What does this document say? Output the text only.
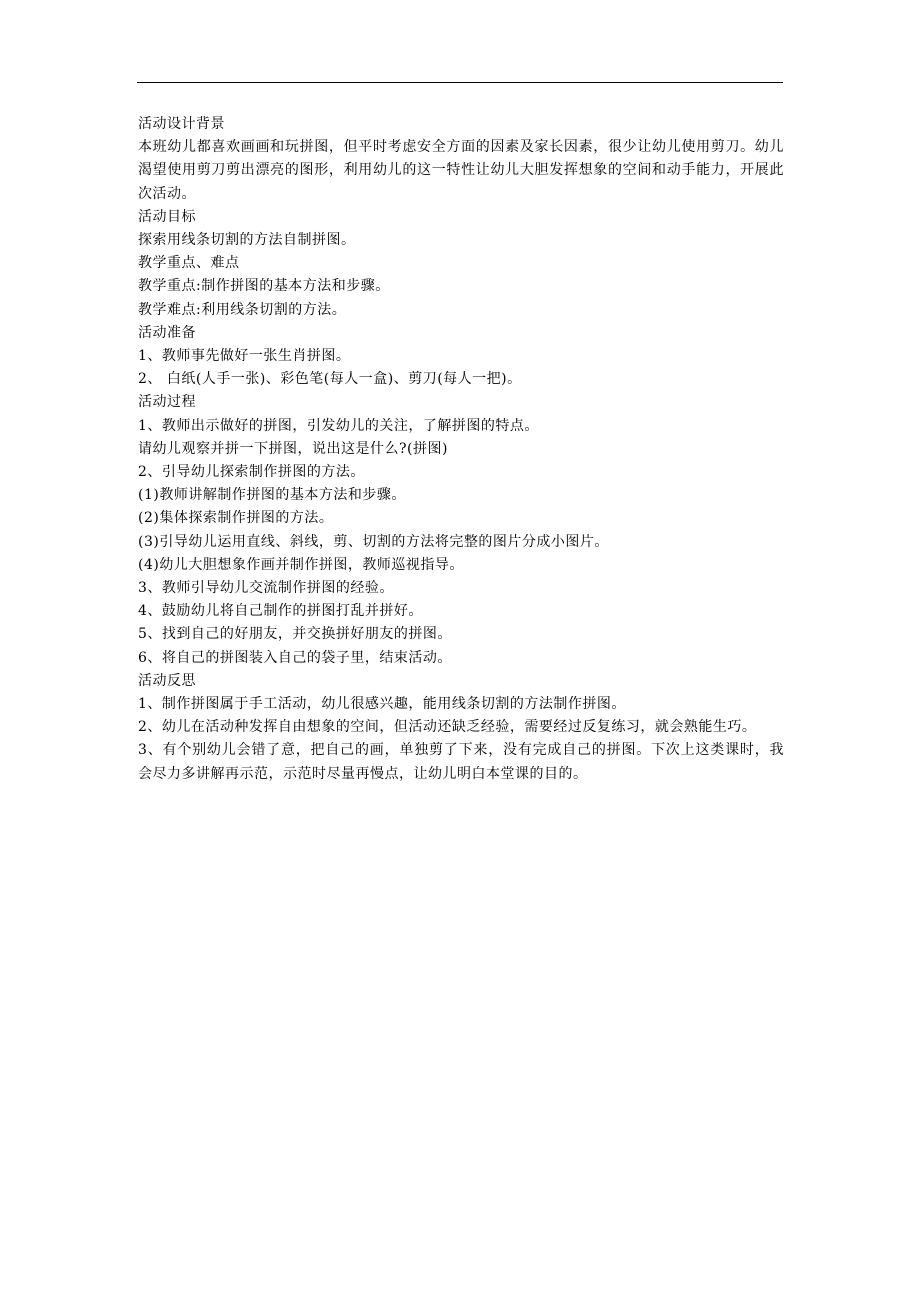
活动设计背景
本班幼儿都喜欢画画和玩拼图，但平时考虑安全方面的因素及家长因素，很少让幼儿使用剪刀。幼儿渴望使用剪刀剪出漂亮的图形，利用幼儿的这一特性让幼儿大胆发挥想象的空间和动手能力，开展此次活动。
活动目标
探索用线条切割的方法自制拼图。
教学重点、难点
教学重点:制作拼图的基本方法和步骤。
教学难点:利用线条切割的方法。
活动准备
1、教师事先做好一张生肖拼图。
2、 白纸(人手一张)、彩色笔(每人一盒)、剪刀(每人一把)。
活动过程
1、教师出示做好的拼图，引发幼儿的关注，了解拼图的特点。
请幼儿观察并拼一下拼图，说出这是什么?(拼图)
2、引导幼儿探索制作拼图的方法。
(1)教师讲解制作拼图的基本方法和步骤。
(2)集体探索制作拼图的方法。
(3)引导幼儿运用直线、斜线，剪、切割的方法将完整的图片分成小图片。
(4)幼儿大胆想象作画并制作拼图，教师巡视指导。
3、教师引导幼儿交流制作拼图的经验。
4、鼓励幼儿将自己制作的拼图打乱并拼好。
5、找到自己的好朋友，并交换拼好朋友的拼图。
6、将自己的拼图装入自己的袋子里，结束活动。
活动反思
1、制作拼图属于手工活动，幼儿很感兴趣，能用线条切割的方法制作拼图。
2、幼儿在活动种发挥自由想象的空间，但活动还缺乏经验，需要经过反复练习，就会熟能生巧。
3、有个别幼儿会错了意，把自己的画，单独剪了下来，没有完成自己的拼图。下次上这类课时，我会尽力多讲解再示范，示范时尽量再慢点，让幼儿明白本堂课的目的。
